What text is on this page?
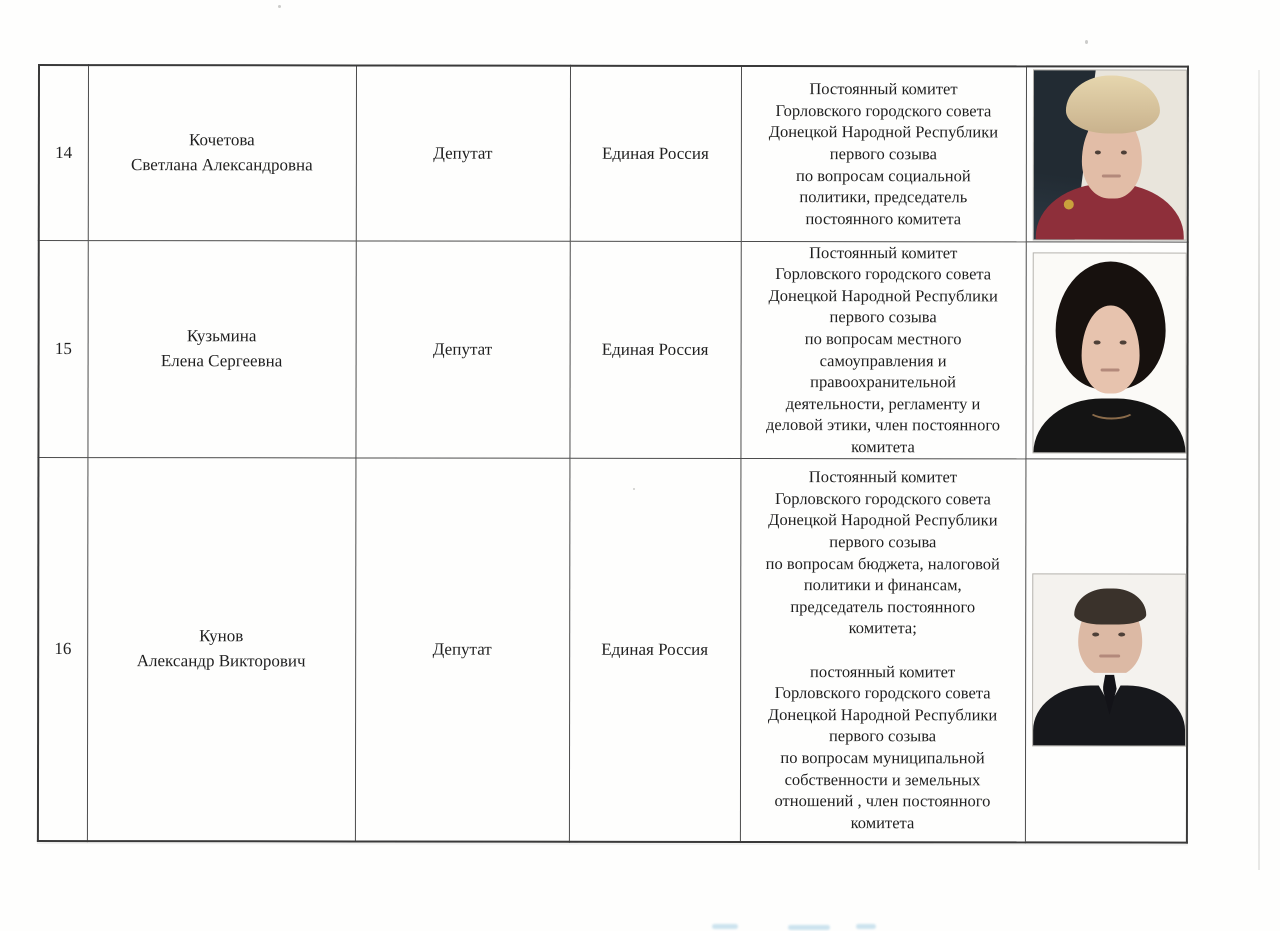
14	Кочетова
Светлана Александровна	Депутат	Единая Россия	Постоянный комитет
Горловского городского совета
Донецкой Народной Республики
первого созыва
по вопросам социальной
политики, председатель
постоянного комитета	

15	Кузьмина
Елена Сергеевна	Депутат	Единая Россия	Постоянный комитет
Горловского городского совета
Донецкой Народной Республики
первого созыва
по вопросам местного
самоуправления и
правоохранительной
деятельности, регламенту и
деловой этики, член постоянного
комитета	

16	Кунов
Александр Викторович	Депутат	Единая Россия	Постоянный комитет
Горловского городского совета
Донецкой Народной Республики
первого созыва
по вопросам бюджета, налоговой
политики и финансам,
председатель постоянного
комитета;

постоянный комитет
Горловского городского совета
Донецкой Народной Республики
первого созыва
по вопросам муниципальной
собственности и земельных
отношений , член постоянного
комитета	
